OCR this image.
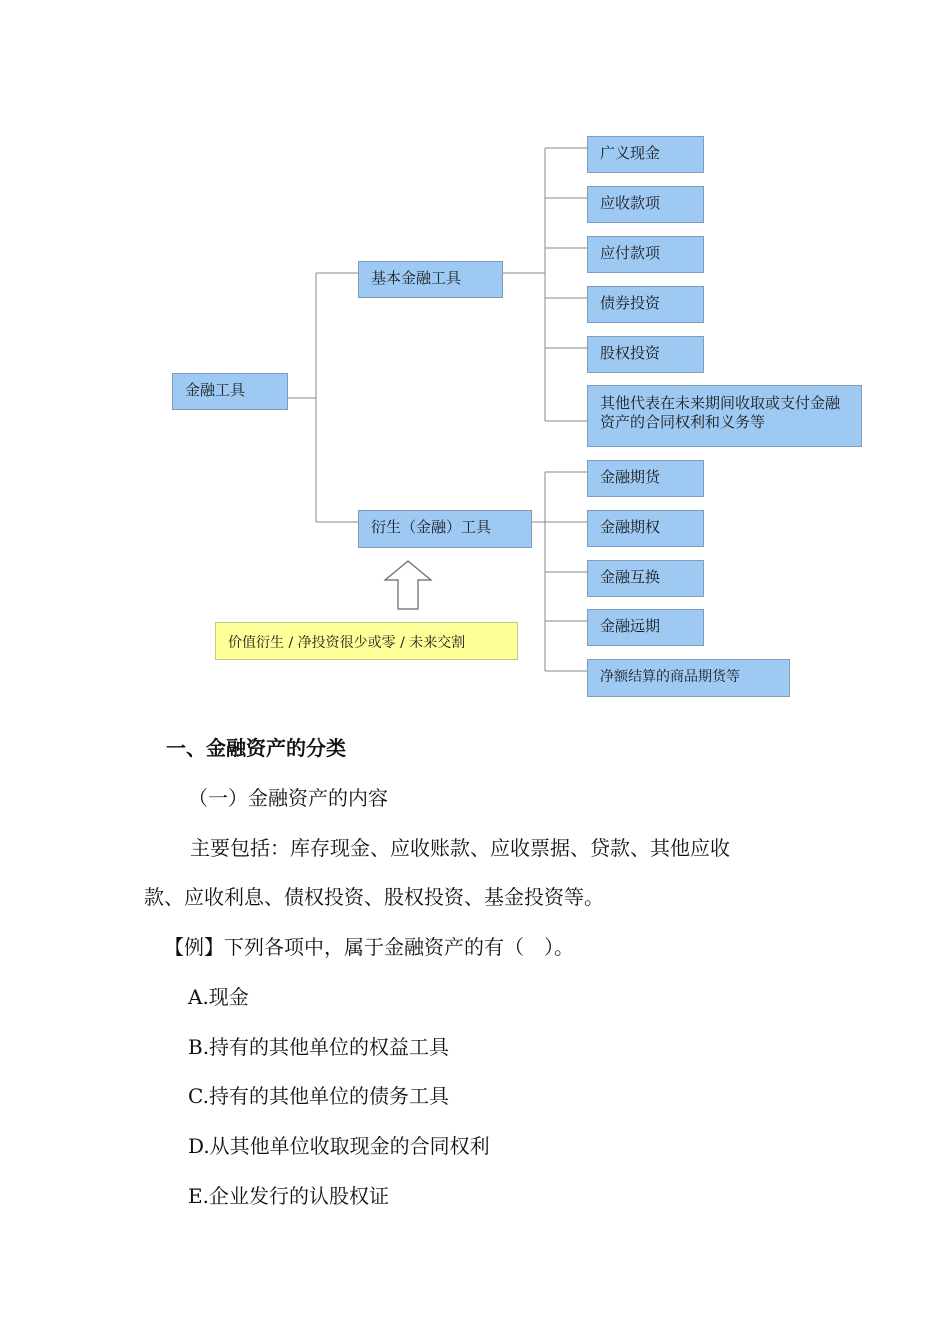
金融工具
基本金融工具
衍生（金融）工具
广义现金
应收款项
应付款项
债券投资
股权投资
其他代表在未来期间收取或支付金融资产的合同权利和义务等
金融期货
金融期权
金融互换
金融远期
净额结算的商品期货等
价值衍生 / 净投资很少或零 / 未来交割
一、金融资产的分类
（一）金融资产的内容
主要包括：库存现金、应收账款、应收票据、贷款、其他应收
款、应收利息、债权投资、股权投资、基金投资等。
【例】下列各项中，属于金融资产的有（　）。
A.现金
B.持有的其他单位的权益工具
C.持有的其他单位的债务工具
D.从其他单位收取现金的合同权利
E.企业发行的认股权证
